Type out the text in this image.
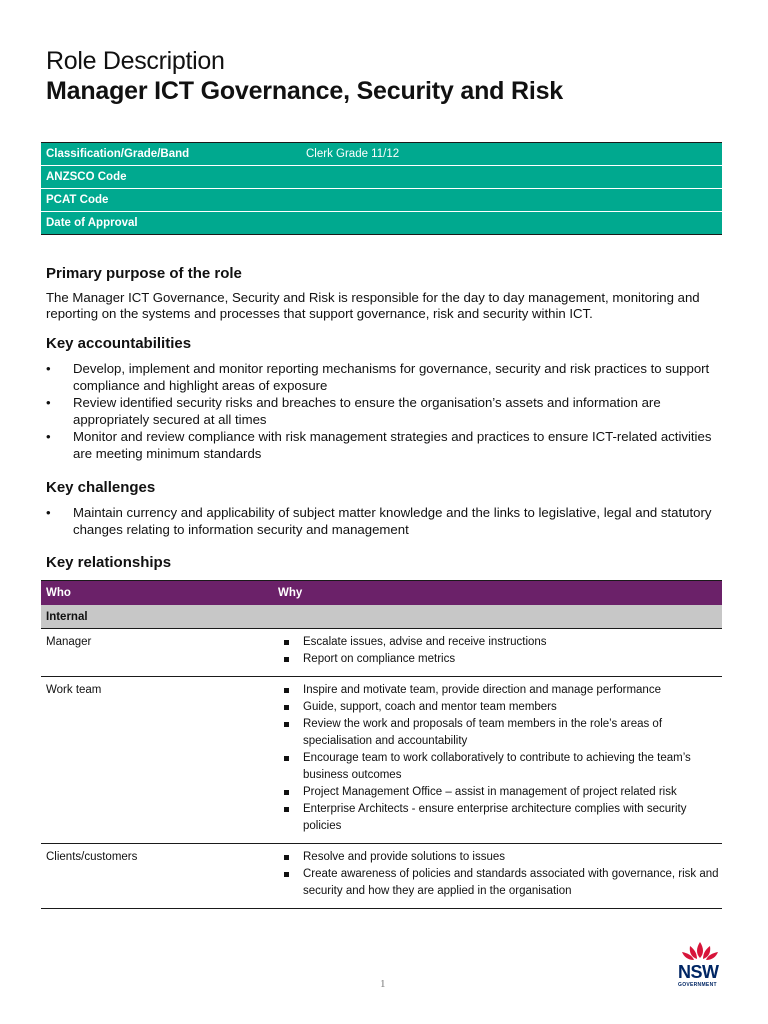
Role Description
Manager ICT Governance, Security and Risk
Classification/Grade/Band	Clerk Grade 11/12
ANZSCO Code
PCAT Code
Date of Approval
Primary purpose of the role
The Manager ICT Governance, Security and Risk is responsible for the day to day management, monitoring and reporting on the systems and processes that support governance, risk and security within ICT.
Key accountabilities
•	Develop, implement and monitor reporting mechanisms for governance, security and risk practices to support compliance and highlight areas of exposure
•	Review identified security risks and breaches to ensure the organisation’s assets and information are appropriately secured at all times
•	Monitor and review compliance with risk management strategies and practices to ensure ICT-related activities are meeting minimum standards
Key challenges
•	Maintain currency and applicability of subject matter knowledge and the links to legislative, legal and statutory changes relating to information security and management
Key relationships
Who	Why
Internal
Manager	Escalate issues, advise and receive instructions
Report on compliance metrics
Work team	Inspire and motivate team, provide direction and manage performance
Guide, support, coach and mentor team members
Review the work and proposals of team members in the role’s areas of specialisation and accountability
Encourage team to work collaboratively to contribute to achieving the team’s business outcomes
Project Management Office – assist in management of project related risk
Enterprise Architects - ensure enterprise architecture complies with security policies
Clients/customers	Resolve and provide solutions to issues
Create awareness of policies and standards associated with governance, risk and security and how they are applied in the organisation
1
NSW
GOVERNMENT
